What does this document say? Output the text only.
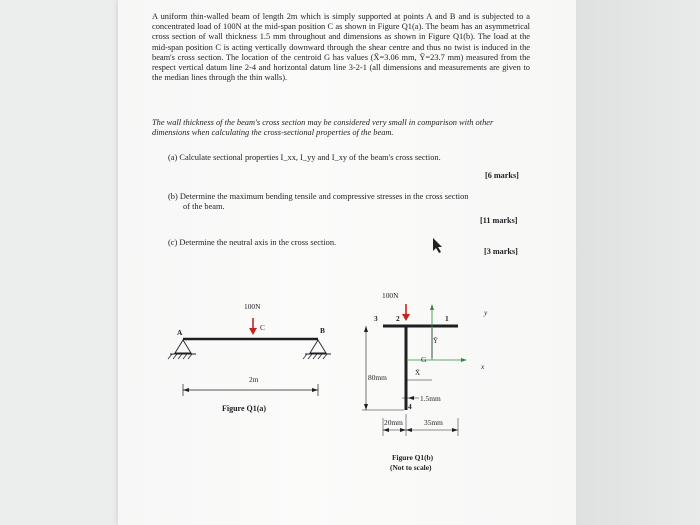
A uniform thin-walled beam of length 2m which is simply supported at points A and B and is subjected to a concentrated load of 100N at the mid-span position C as shown in Figure Q1(a). The beam has an asymmetrical cross section of wall thickness 1.5 mm throughout and dimensions as shown in Figure Q1(b). The load at the mid-span position C is acting vertically downward through the shear centre and thus no twist is induced in the beam's cross section. The location of the centroid G has values (X̄=3.06 mm, Ȳ=23.7 mm) measured from the respect vertical datum line 2-4 and horizontal datum line 3-2-1 (all dimensions and measurements are given to the median lines through the thin walls).
The wall thickness of the beam's cross section may be considered very small in comparison with other dimensions when calculating the cross-sectional properties of the beam.
(a) Calculate sectional properties I_xx, I_yy and I_xy of the beam's cross section.
[6 marks]
(b) Determine the maximum bending tensile and compressive stresses in the cross section
of the beam.
[11 marks]
(c) Determine the neutral axis in the cross section.
[3 marks]
100N
A
C	B
2m
Figure Q1(a)
100N
3 2	1
4
y
x
G
Ȳ
X̄
80mm
1.5mm
20mm	35mm
Figure Q1(b)
(Not to scale)
